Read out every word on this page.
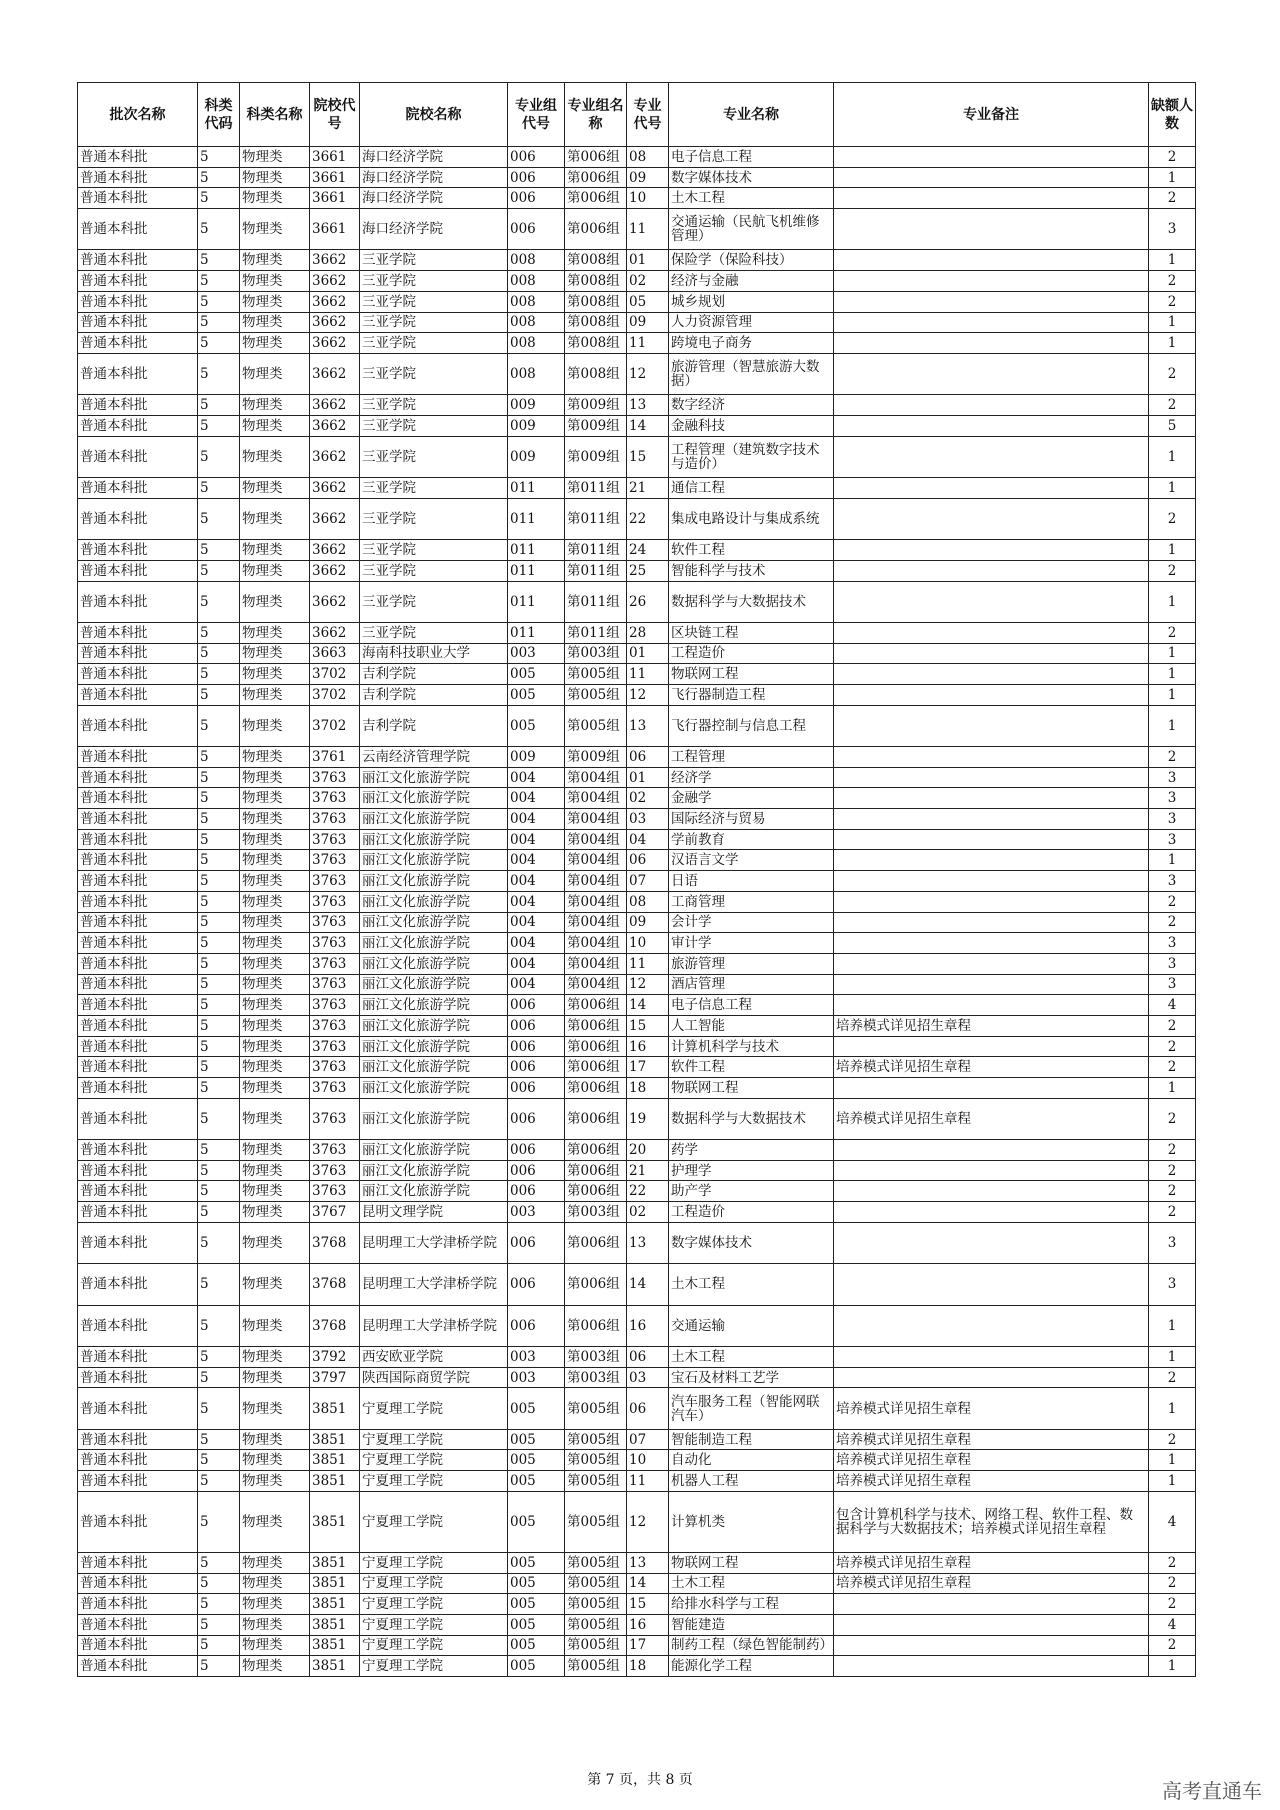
批次名称	科类代码	科类名称	院校代号	院校名称	专业组代号	专业组名称	专业代号	专业名称	专业备注	缺额人数
普通本科批	5	物理类	3661	海口经济学院	006	第006组	08	电子信息工程		2
普通本科批	5	物理类	3661	海口经济学院	006	第006组	09	数字媒体技术		1
普通本科批	5	物理类	3661	海口经济学院	006	第006组	10	土木工程		2
普通本科批	5	物理类	3661	海口经济学院	006	第006组	11	交通运输（民航飞机维修管理）		3
普通本科批	5	物理类	3662	三亚学院	008	第008组	01	保险学（保险科技）		1
普通本科批	5	物理类	3662	三亚学院	008	第008组	02	经济与金融		2
普通本科批	5	物理类	3662	三亚学院	008	第008组	05	城乡规划		2
普通本科批	5	物理类	3662	三亚学院	008	第008组	09	人力资源管理		1
普通本科批	5	物理类	3662	三亚学院	008	第008组	11	跨境电子商务		1
普通本科批	5	物理类	3662	三亚学院	008	第008组	12	旅游管理（智慧旅游大数据）		2
普通本科批	5	物理类	3662	三亚学院	009	第009组	13	数字经济		2
普通本科批	5	物理类	3662	三亚学院	009	第009组	14	金融科技		5
普通本科批	5	物理类	3662	三亚学院	009	第009组	15	工程管理（建筑数字技术与造价）		1
普通本科批	5	物理类	3662	三亚学院	011	第011组	21	通信工程		1
普通本科批	5	物理类	3662	三亚学院	011	第011组	22	集成电路设计与集成系统		2
普通本科批	5	物理类	3662	三亚学院	011	第011组	24	软件工程		1
普通本科批	5	物理类	3662	三亚学院	011	第011组	25	智能科学与技术		2
普通本科批	5	物理类	3662	三亚学院	011	第011组	26	数据科学与大数据技术		1
普通本科批	5	物理类	3662	三亚学院	011	第011组	28	区块链工程		2
普通本科批	5	物理类	3663	海南科技职业大学	003	第003组	01	工程造价		1
普通本科批	5	物理类	3702	吉利学院	005	第005组	11	物联网工程		1
普通本科批	5	物理类	3702	吉利学院	005	第005组	12	飞行器制造工程		1
普通本科批	5	物理类	3702	吉利学院	005	第005组	13	飞行器控制与信息工程		1
普通本科批	5	物理类	3761	云南经济管理学院	009	第009组	06	工程管理		2
普通本科批	5	物理类	3763	丽江文化旅游学院	004	第004组	01	经济学		3
普通本科批	5	物理类	3763	丽江文化旅游学院	004	第004组	02	金融学		3
普通本科批	5	物理类	3763	丽江文化旅游学院	004	第004组	03	国际经济与贸易		3
普通本科批	5	物理类	3763	丽江文化旅游学院	004	第004组	04	学前教育		3
普通本科批	5	物理类	3763	丽江文化旅游学院	004	第004组	06	汉语言文学		1
普通本科批	5	物理类	3763	丽江文化旅游学院	004	第004组	07	日语		3
普通本科批	5	物理类	3763	丽江文化旅游学院	004	第004组	08	工商管理		2
普通本科批	5	物理类	3763	丽江文化旅游学院	004	第004组	09	会计学		2
普通本科批	5	物理类	3763	丽江文化旅游学院	004	第004组	10	审计学		3
普通本科批	5	物理类	3763	丽江文化旅游学院	004	第004组	11	旅游管理		3
普通本科批	5	物理类	3763	丽江文化旅游学院	004	第004组	12	酒店管理		3
普通本科批	5	物理类	3763	丽江文化旅游学院	006	第006组	14	电子信息工程		4
普通本科批	5	物理类	3763	丽江文化旅游学院	006	第006组	15	人工智能	培养模式详见招生章程	2
普通本科批	5	物理类	3763	丽江文化旅游学院	006	第006组	16	计算机科学与技术		2
普通本科批	5	物理类	3763	丽江文化旅游学院	006	第006组	17	软件工程	培养模式详见招生章程	2
普通本科批	5	物理类	3763	丽江文化旅游学院	006	第006组	18	物联网工程		1
普通本科批	5	物理类	3763	丽江文化旅游学院	006	第006组	19	数据科学与大数据技术	培养模式详见招生章程	2
普通本科批	5	物理类	3763	丽江文化旅游学院	006	第006组	20	药学		2
普通本科批	5	物理类	3763	丽江文化旅游学院	006	第006组	21	护理学		2
普通本科批	5	物理类	3763	丽江文化旅游学院	006	第006组	22	助产学		2
普通本科批	5	物理类	3767	昆明文理学院	003	第003组	02	工程造价		2
普通本科批	5	物理类	3768	昆明理工大学津桥学院	006	第006组	13	数字媒体技术		3
普通本科批	5	物理类	3768	昆明理工大学津桥学院	006	第006组	14	土木工程		3
普通本科批	5	物理类	3768	昆明理工大学津桥学院	006	第006组	16	交通运输		1
普通本科批	5	物理类	3792	西安欧亚学院	003	第003组	06	土木工程		1
普通本科批	5	物理类	3797	陕西国际商贸学院	003	第003组	03	宝石及材料工艺学		2
普通本科批	5	物理类	3851	宁夏理工学院	005	第005组	06	汽车服务工程（智能网联汽车）	培养模式详见招生章程	1
普通本科批	5	物理类	3851	宁夏理工学院	005	第005组	07	智能制造工程	培养模式详见招生章程	2
普通本科批	5	物理类	3851	宁夏理工学院	005	第005组	10	自动化	培养模式详见招生章程	1
普通本科批	5	物理类	3851	宁夏理工学院	005	第005组	11	机器人工程	培养模式详见招生章程	1
普通本科批	5	物理类	3851	宁夏理工学院	005	第005组	12	计算机类	包含计算机科学与技术、网络工程、软件工程、数据科学与大数据技术；培养模式详见招生章程	4
普通本科批	5	物理类	3851	宁夏理工学院	005	第005组	13	物联网工程	培养模式详见招生章程	2
普通本科批	5	物理类	3851	宁夏理工学院	005	第005组	14	土木工程	培养模式详见招生章程	2
普通本科批	5	物理类	3851	宁夏理工学院	005	第005组	15	给排水科学与工程		2
普通本科批	5	物理类	3851	宁夏理工学院	005	第005组	16	智能建造		4
普通本科批	5	物理类	3851	宁夏理工学院	005	第005组	17	制药工程（绿色智能制药）		2
普通本科批	5	物理类	3851	宁夏理工学院	005	第005组	18	能源化学工程		1
第 7 页，共 8 页	高考直通车
